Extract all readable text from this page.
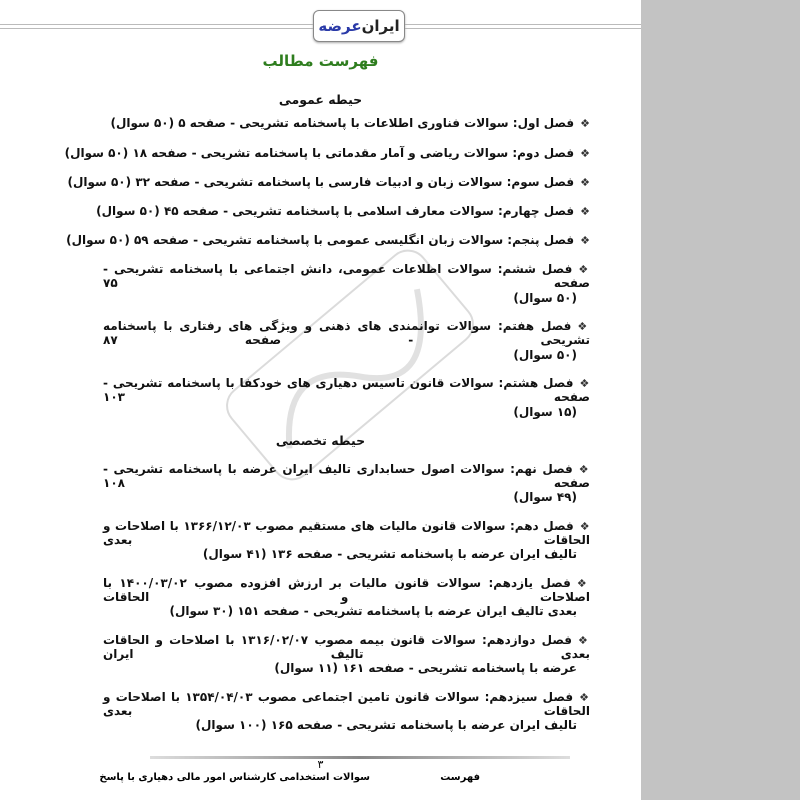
ایران
عرضه
فهرست مطالب
حیطه عمومی
❖فصل اول: سوالات فناوری اطلاعات با پاسخنامه تشریحی - صفحه ۵ (۵۰ سوال)
❖فصل دوم: سوالات ریاضی و آمار مقدماتی با پاسخنامه تشریحی - صفحه ۱۸ (۵۰ سوال)
❖فصل سوم: سوالات زبان و ادبیات فارسی با پاسخنامه تشریحی - صفحه ۳۲ (۵۰ سوال)
❖فصل چهارم: سوالات معارف اسلامی با پاسخنامه تشریحی - صفحه ۴۵ (۵۰ سوال)
❖فصل پنجم: سوالات زبان انگلیسی عمومی با پاسخنامه تشریحی - صفحه ۵۹ (۵۰ سوال)
❖فصل ششم: سوالات اطلاعات عمومی، دانش اجتماعی با پاسخنامه تشریحی - صفحه ۷۵
(۵۰ سوال)
❖فصل هفتم: سوالات توانمندی های ذهنی و ویژگی های رفتاری با پاسخنامه تشریحی - صفحه ۸۷
(۵۰ سوال)
❖فصل هشتم: سوالات قانون تاسیس دهیاری های خودکفا با پاسخنامه تشریحی - صفحه ۱۰۳
(۱۵ سوال)
حیطه تخصصی
❖فصل نهم: سوالات اصول حسابداری تالیف ایران عرضه با پاسخنامه تشریحی - صفحه ۱۰۸
(۴۹ سوال)
❖فصل دهم: سوالات قانون مالیات های مستقیم مصوب ۱۳۶۶/۱۲/۰۳ با اصلاحات و الحاقات بعدی
تالیف ایران عرضه با پاسخنامه تشریحی - صفحه ۱۳۶ (۴۱ سوال)
❖فصل یازدهم: سوالات قانون مالیات بر ارزش افزوده مصوب ۱۴۰۰/۰۳/۰۲ با اصلاحات و الحاقات
بعدی تالیف ایران عرضه با پاسخنامه تشریحی - صفحه ۱۵۱ (۳۰ سوال)
❖فصل دوازدهم: سوالات قانون بیمه مصوب ۱۳۱۶/۰۲/۰۷ با اصلاحات و الحاقات بعدی تالیف ایران
عرضه با پاسخنامه تشریحی - صفحه ۱۶۱ (۱۱ سوال)
❖فصل سیزدهم: سوالات قانون تامین اجتماعی مصوب ۱۳۵۴/۰۴/۰۳ با اصلاحات و الحاقات بعدی
تالیف ایران عرضه با پاسخنامه تشریحی - صفحه ۱۶۵ (۱۰۰ سوال)
۳
فهرست
سوالات استخدامی کارشناس امور مالی دهیاری با پاسخ
